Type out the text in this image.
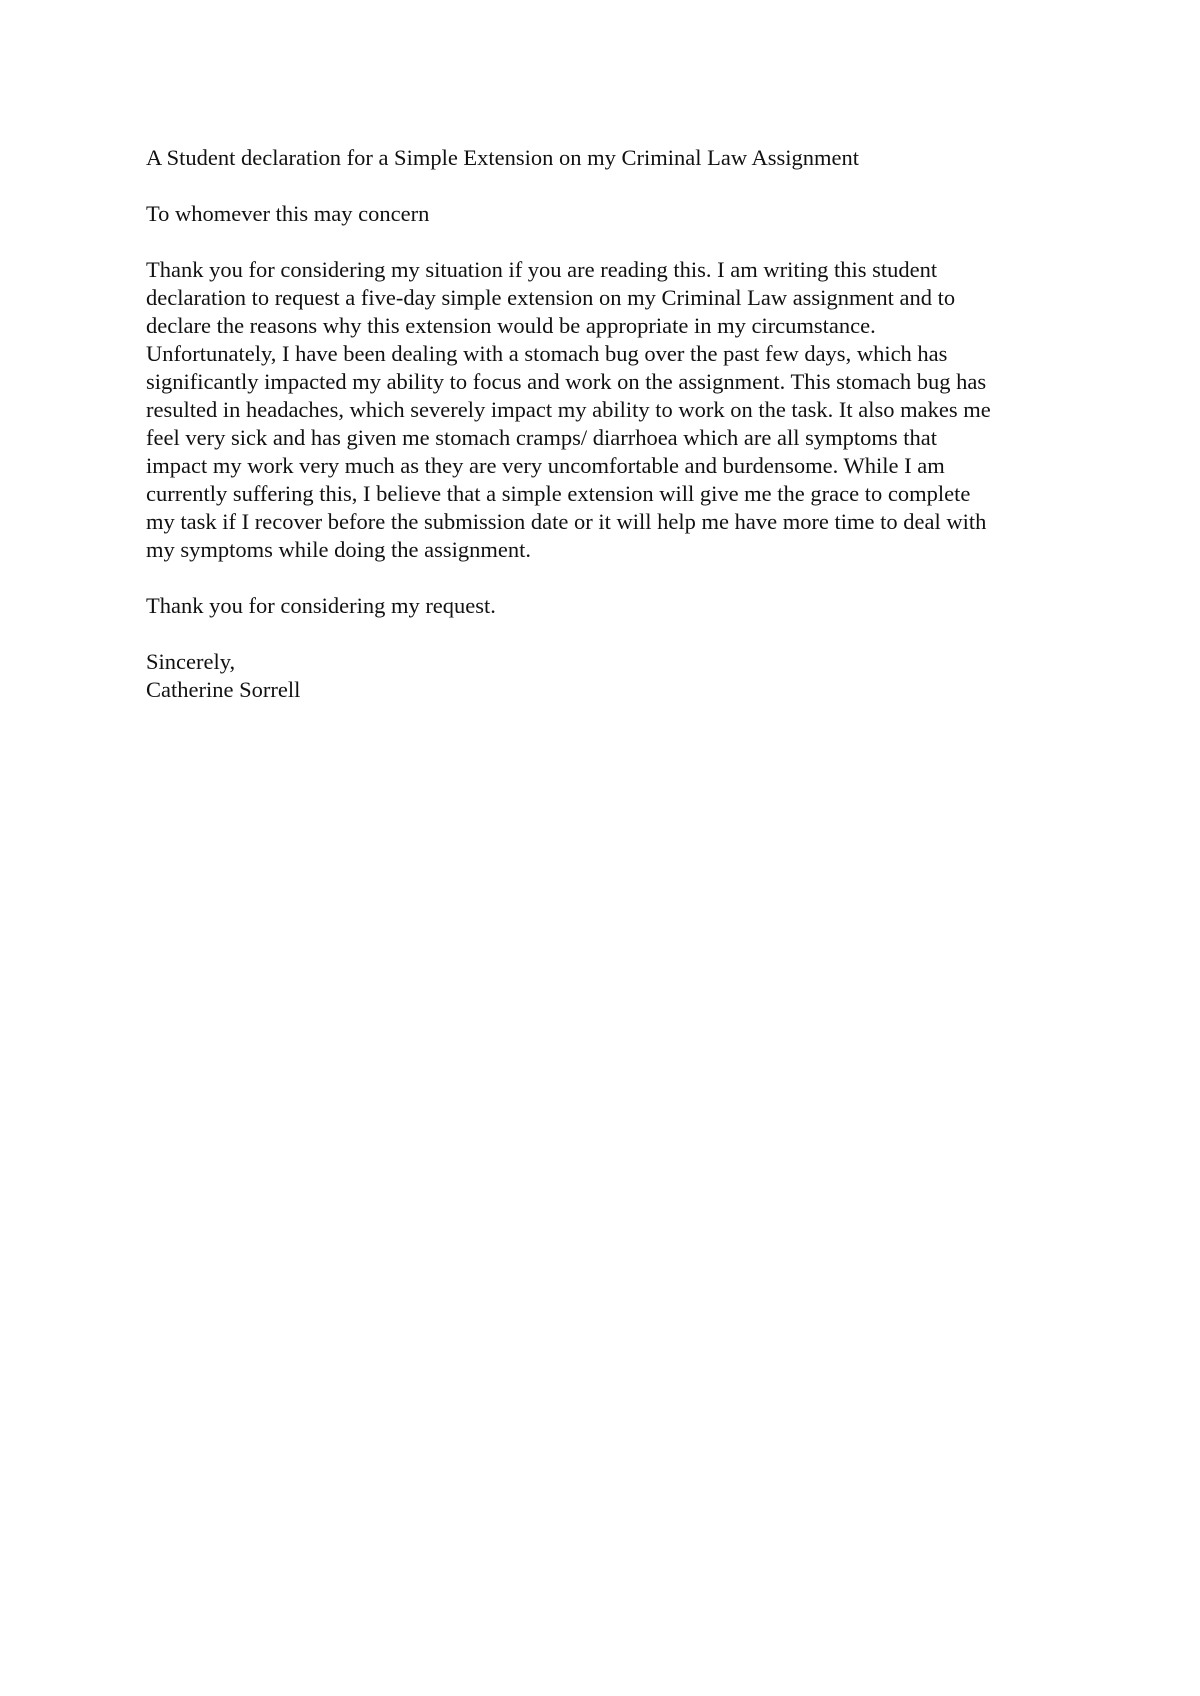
A Student declaration for a Simple Extension on my Criminal Law Assignment

To whomever this may concern

Thank you for considering my situation if you are reading this. I am writing this student
declaration to request a five-day simple extension on my Criminal Law assignment and to
declare the reasons why this extension would be appropriate in my circumstance.
Unfortunately, I have been dealing with a stomach bug over the past few days, which has
significantly impacted my ability to focus and work on the assignment. This stomach bug has
resulted in headaches, which severely impact my ability to work on the task. It also makes me
feel very sick and has given me stomach cramps/ diarrhoea which are all symptoms that
impact my work very much as they are very uncomfortable and burdensome. While I am
currently suffering this, I believe that a simple extension will give me the grace to complete
my task if I recover before the submission date or it will help me have more time to deal with
my symptoms while doing the assignment.

Thank you for considering my request.

Sincerely,
Catherine Sorrell
